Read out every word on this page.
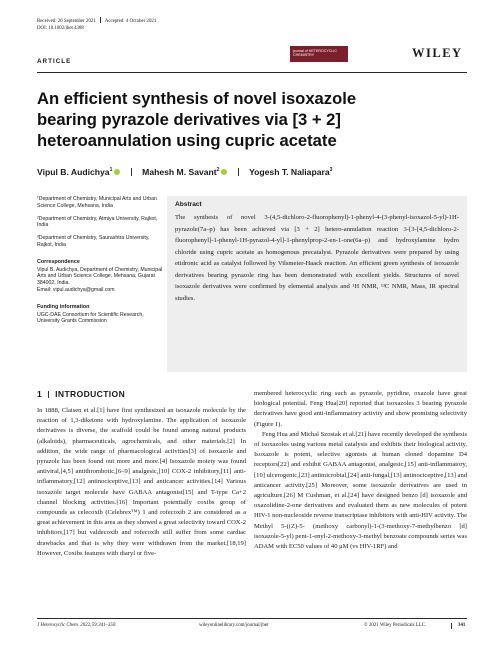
Received: 26 September 2021 Accepted: 4 October 2021
DOI: 10.1002/jhet.4388
journal of HETEROCYCLIC CHEMISTRY	WILEY
ARTICLE
An efficient synthesis of novel isoxazole bearing pyrazole derivatives via [3 + 2] heteroannulation using cupric acetate
Vipul B. Audichya$^1$	Mahesh M. Savant$^2$	Yogesh T. Naliapara$^3$

¹Department of Chemistry, Municipal Arts and Urban Science College, Mehsana, India

²Department of Chemistry, Atmiya University, Rajkot, India

³Department of Chemistry, Saurashtra University, Rajkot, India

Correspondence

Vipul B. Audichya, Department of Chemistry, Municipal Arts and Urban Science College, Mehsana, Gujarat 384002, India.

Email: vipul.audichya@gmail.com

Funding information

UGC-DAE Consortium for Scientific Research, University Grants Commission

Abstract
The synthesis of novel 3-(4,5-dichloro-2-fluorophenyl)-1-phenyl-4-(3-phenyl-isoxazol-5-yl)-1H-pyrazole(7a–p) has been achieved via [3 + 2] hetero-annulation reaction 3-[3-[4,5-dichloro-2-fluorophenyl]-1-phenyl-1H-pyrazol-4-yl]-1-phenylprop-2-en-1-one(6a–p) and hydroxylamine hydro chloride using cupric acetate as homogenous precatalyst. Pyrazole derivatives were prepared by using etidronic acid as catalyst followed by Vilsmeier-Haack reaction. An efficient green synthesis of isoxazole derivatives bearing pyrazole ring has been demonstrated with excellent yields. Structures of novel isoxazole derivatives were confirmed by elemental analysis and ¹H NMR, ¹³C NMR, Mass, IR spectral studies.
1 INTRODUCTION

In 1888, Claisen et al.[1] have first synthesized an isoxazole molecule by the reaction of 1,3-diketone with hydroxylamine. The application of isoxazole derivatives is diverse, the scaffold could be found among natural products (alkaloids), pharmaceuticals, agrochemicals, and other materials.[2] In addition, the wide range of pharmacological activities[3] of isoxazole and pyrazole has been found out more and more.[4] Isoxazole moiety was found antiviral,[4,5] antithrombotic,[6–9] analgesic,[10] COX-2 inhibitory,[11] anti-inflammatory,[12] antinociceptive,[13] and anticancer activities.[14] Various isoxazole target molecule have GABAA antagonist[15] and T-type Ca+2 channel blocking activities.[16] Important potentially coxibs group of compounds as celecoxib (Celebrex™) 1 and rofecoxib 2 are considered as a great achievement in this area as they showed a great selectivity toward COX-2 inhibitors,[17] but valdecoxib and rofecoxib still suffer from some cardiac drawbacks and that is why they were withdrawn from the market.[18,19] However, Coxibs features with diaryl or five-

membered heterocyclic ring such as pyrazole, pyridine, oxazole have great biological potential. Feng Hua[20] reported that isoxazoles 3 bearing pyrazole derivatives have good anti-inflammatory activity and show promising selectivity (Figure 1).

Feng Hua and Michal Szostak et al.[21] have recently developed the synthesis of isoxazoles using various metal catalysis and exhibits their biological activity. Isoxazole is potent, selective agonists at human cloned dopamine D4 receptors[22] and exhibit GABAA antagonist, analgesic,[15] anti-inflammatory,[10] ulcerogenic,[23] antimicrobial,[24] anti-fungal,[13] antinociceptive,[13] and anticancer activity.[25] Moreover, some isoxazole derivatives are used in agriculture.[26] M Cushman, et al.[24] have designed benzo [d] isoxazole and oxazolidine-2-one derivatives and evaluated them as new molecules of potent HIV-1 non-nucleoside reverse transcriptase inhibitors with anti-HIV activity. The Methyl 5-((Z)-5- (methoxy carbonyl)-1-(3-methoxy-7-methylbenzo [d] isoxazole-5-yl) pent-1-enyl-2-methoxy-3-methyl benzoate compounds series was ADAM with EC50 values of 40 μM (vs HIV-1RF) and

J Heterocyclic Chem. 2022;59:341–350.	wileyonlinelibrary.com/journal/jhet	© 2021 Wiley Periodicals LLC.	341
